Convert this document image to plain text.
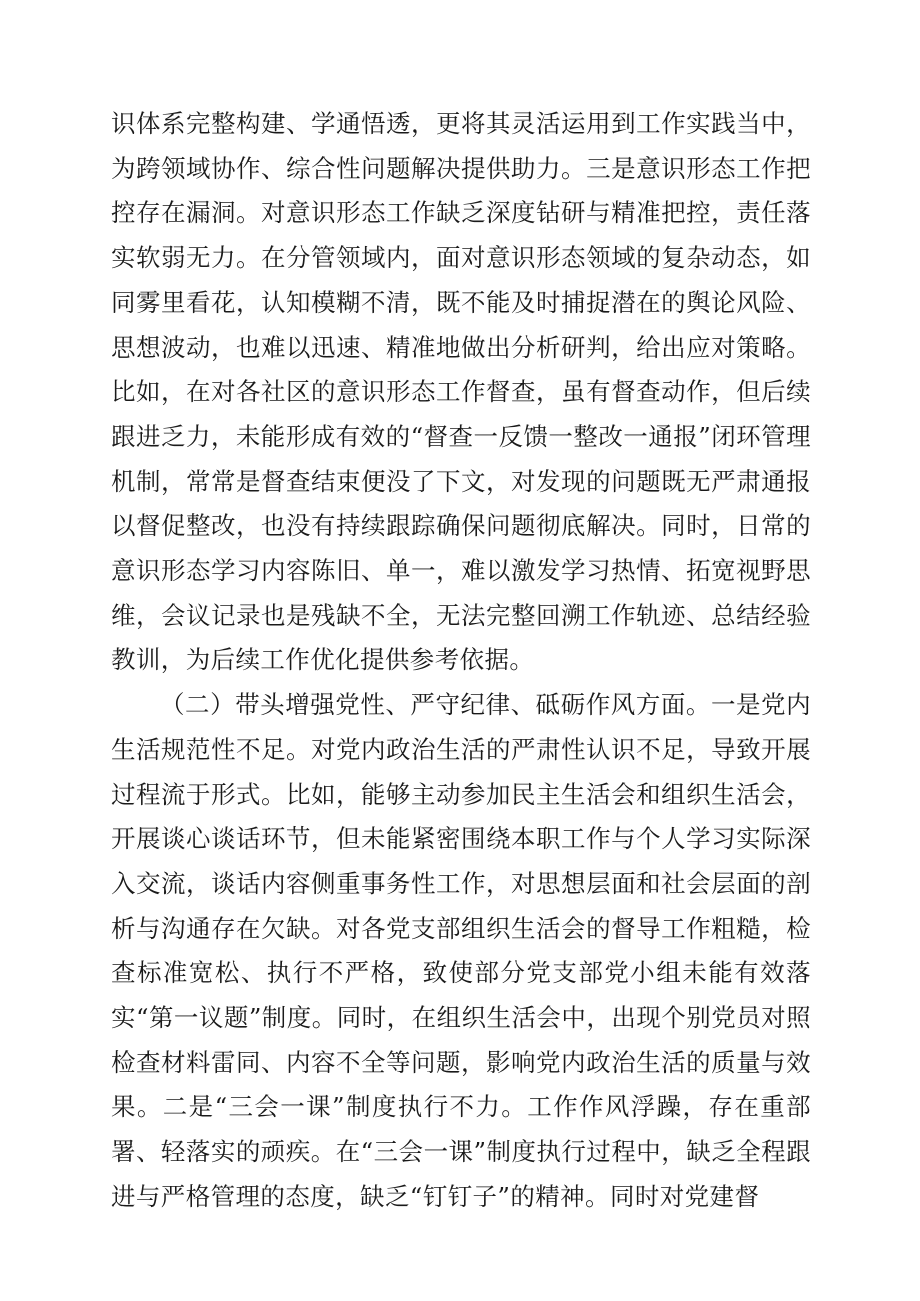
识体系完整构建、学通悟透，更将其灵活运用到工作实践当中，为跨领域协作、综合性问题解决提供助力。三是意识形态工作把控存在漏洞。对意识形态工作缺乏深度钻研与精准把控，责任落实软弱无力。在分管领域内，面对意识形态领域的复杂动态，如同雾里看花，认知模糊不清，既不能及时捕捉潜在的舆论风险、思想波动，也难以迅速、精准地做出分析研判，给出应对策略。比如，在对各社区的意识形态工作督查，虽有督查动作，但后续跟进乏力，未能形成有效的“督查一反馈一整改一通报”闭环管理机制，常常是督查结束便没了下文，对发现的问题既无严肃通报以督促整改，也没有持续跟踪确保问题彻底解决。同时，日常的意识形态学习内容陈旧、单一，难以激发学习热情、拓宽视野思维，会议记录也是残缺不全，无法完整回溯工作轨迹、总结经验教训，为后续工作优化提供参考依据。

（二）带头增强党性、严守纪律、砥砺作风方面。一是党内生活规范性不足。对党内政治生活的严肃性认识不足，导致开展过程流于形式。比如，能够主动参加民主生活会和组织生活会，开展谈心谈话环节，但未能紧密围绕本职工作与个人学习实际深入交流，谈话内容侧重事务性工作，对思想层面和社会层面的剖析与沟通存在欠缺。对各党支部组织生活会的督导工作粗糙，检查标准宽松、执行不严格，致使部分党支部党小组未能有效落实“第一议题”制度。同时，在组织生活会中，出现个别党员对照检查材料雷同、内容不全等问题，影响党内政治生活的质量与效果。二是“三会一课”制度执行不力。工作作风浮躁，存在重部署、轻落实的顽疾。在“三会一课”制度执行过程中，缺乏全程跟进与严格管理的态度，缺乏“钉钉子”的精神。同时对党建督
